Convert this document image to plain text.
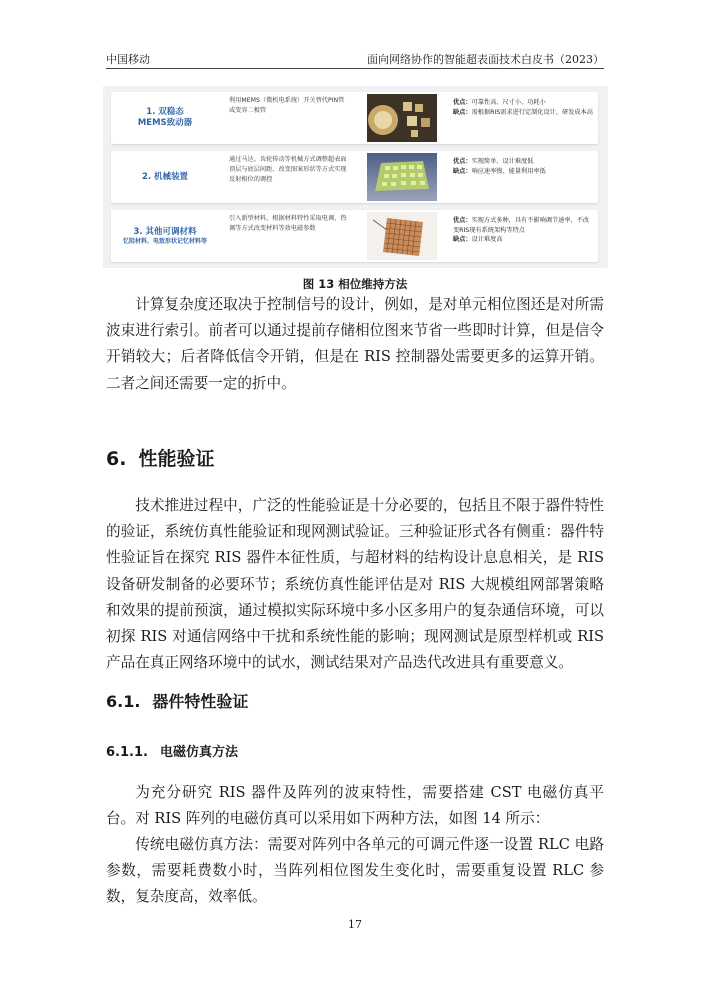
中国移动	面向网络协作的智能超表面技术白皮书（2023）
1. 双稳态
MEMS致动器
利用MEMS（微机电系统）开关替代PIN管或变容二极管
优点：可靠性高、尺寸小、功耗小
缺点：需根据RIS需求进行定制化设计，研发成本高
2. 机械装置
通过马达、齿轮传动等机械方式调整超表面顶层与底层间距、改变图案形状等方式实现反射相位的调控
优点：实现简单、设计难度低
缺点：响应速率慢、能量利用率低
3. 其他可调材料
忆阻材料、电致形状记忆材料等
引入新型材料，根据材料特性采取电调、热调等方式改变材料等效电磁参数
优点：实现方式多种，具有不影响调节速率、不改变RIS现有系统架构等特点
缺点：设计难度高
图 13 相位维持方法

计算复杂度还取决于控制信号的设计，例如，是对单元相位图还是对所需波束进行索引。前者可以通过提前存储相位图来节省一些即时计算，但是信令开销较大；后者降低信令开销，但是在 RIS 控制器处需要更多的运算开销。二者之间还需要一定的折中。

6. 性能验证

技术推进过程中，广泛的性能验证是十分必要的，包括且不限于器件特性的验证，系统仿真性能验证和现网测试验证。三种验证形式各有侧重：器件特性验证旨在探究 RIS 器件本征性质，与超材料的结构设计息息相关，是 RIS 设备研发制备的必要环节；系统仿真性能评估是对 RIS 大规模组网部署策略和效果的提前预演，通过模拟实际环境中多小区多用户的复杂通信环境，可以初探 RIS 对通信网络中干扰和系统性能的影响；现网测试是原型样机或 RIS 产品在真正网络环境中的试水，测试结果对产品迭代改进具有重要意义。

6.1. 器件特性验证
6.1.1. 电磁仿真方法

为充分研究 RIS 器件及阵列的波束特性，需要搭建 CST 电磁仿真平台。对 RIS 阵列的电磁仿真可以采用如下两种方法，如图 14 所示：

传统电磁仿真方法：需要对阵列中各单元的可调元件逐一设置 RLC 电路参数，需要耗费数小时，当阵列相位图发生变化时，需要重复设置 RLC 参数，复杂度高，效率低。

17
